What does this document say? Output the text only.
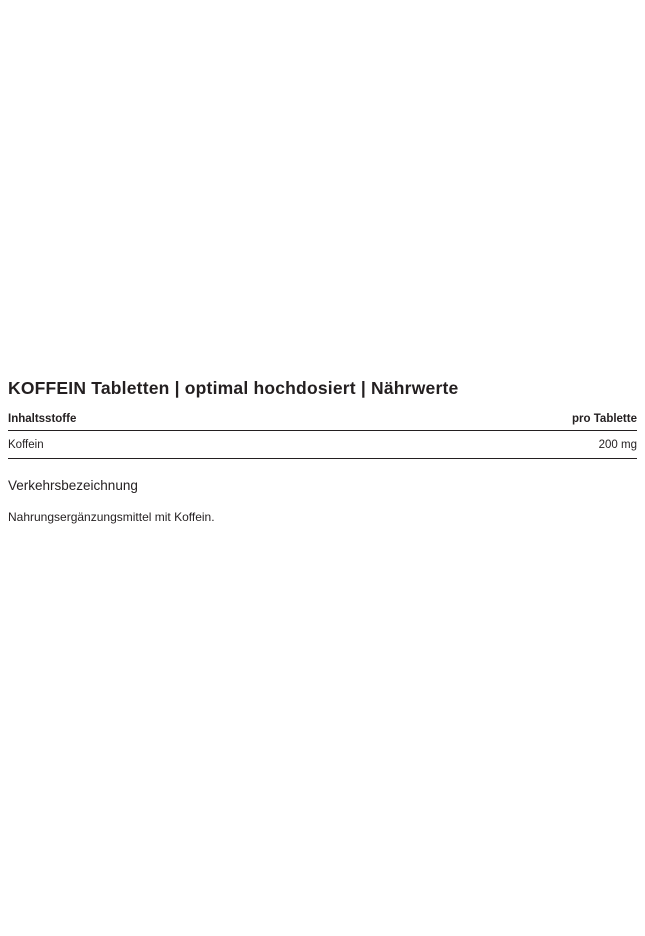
KOFFEIN Tabletten | optimal hochdosiert | Nährwerte
Inhaltsstoffe	pro Tablette
Koffein	200 mg
Verkehrsbezeichnung

Nahrungsergänzungsmittel mit Koffein.
